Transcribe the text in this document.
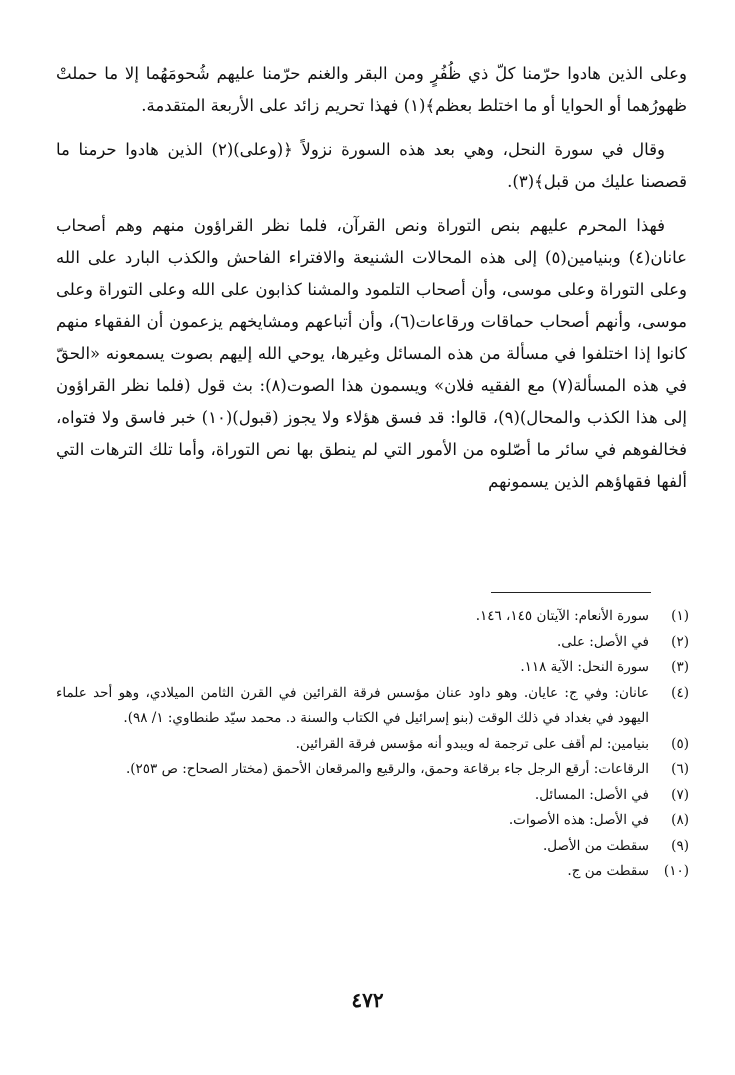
وعلى الذين هادوا حرّمنا كلّ ذي ظُفُرٍ ومن البقر والغنم حرّمنا عليهم شُحومَهُما إلا ما حملتْ ظهورُهما أو الحوايا أو ما اختلط بعظم﴾(١) فهذا تحريم زائد على الأربعة المتقدمة.

وقال في سورة النحل، وهي بعد هذه السورة نزولاً ﴿(وعلى)(٢) الذين هادوا حرمنا ما قصصنا عليك من قبل﴾(٣).

فهذا المحرم عليهم بنص التوراة ونص القرآن، فلما نظر القراؤون منهم وهم أصحاب عانان(٤) وبنيامين(٥) إلى هذه المحالات الشنيعة والافتراء الفاحش والكذب البارد على الله وعلى التوراة وعلى موسى، وأن أصحاب التلمود والمشنا كذابون على الله وعلى التوراة وعلى موسى، وأنهم أصحاب حماقات ورقاعات(٦)، وأن أتباعهم ومشايخهم يزعمون أن الفقهاء منهم كانوا إذا اختلفوا في مسألة من هذه المسائل وغيرها، يوحي الله إليهم بصوت يسمعونه «الحقّ في هذه المسألة(٧) مع الفقيه فلان» ويسمون هذا الصوت(٨): بث قول (فلما نظر القراؤون إلى هذا الكذب والمحال)(٩)، قالوا: قد فسق هؤلاء ولا يجوز (قبول)(١٠) خبر فاسق ولا فتواه، فخالفوهم في سائر ما أصّلوه من الأمور التي لم ينطق بها نص التوراة، وأما تلك الترهات التي ألفها فقهاؤهم الذين يسمونهم

(١)
سورة الأنعام: الآيتان ١٤٥، ١٤٦.
(٢)
في الأصل: على.
(٣)
سورة النحل: الآية ١١٨.
(٤)
عانان: وفي ج: عايان. وهو داود عنان مؤسس فرقة القرائين في القرن الثامن الميلادي، وهو أحد علماء اليهود في بغداد في ذلك الوقت (بنو إسرائيل في الكتاب والسنة د. محمد سيّد طنطاوي: ١/ ٩٨).
(٥)
بنيامين: لم أقف على ترجمة له ويبدو أنه مؤسس فرقة القرائين.
(٦)
الرقاعات: أرقع الرجل جاء برقاعة وحمق، والرقيع والمرقعان الأحمق (مختار الصحاح: ص ٢٥٣).
(٧)
في الأصل: المسائل.
(٨)
في الأصل: هذه الأصوات.
(٩)
سقطت من الأصل.
(١٠)
سقطت من ج.
٤٧٢
